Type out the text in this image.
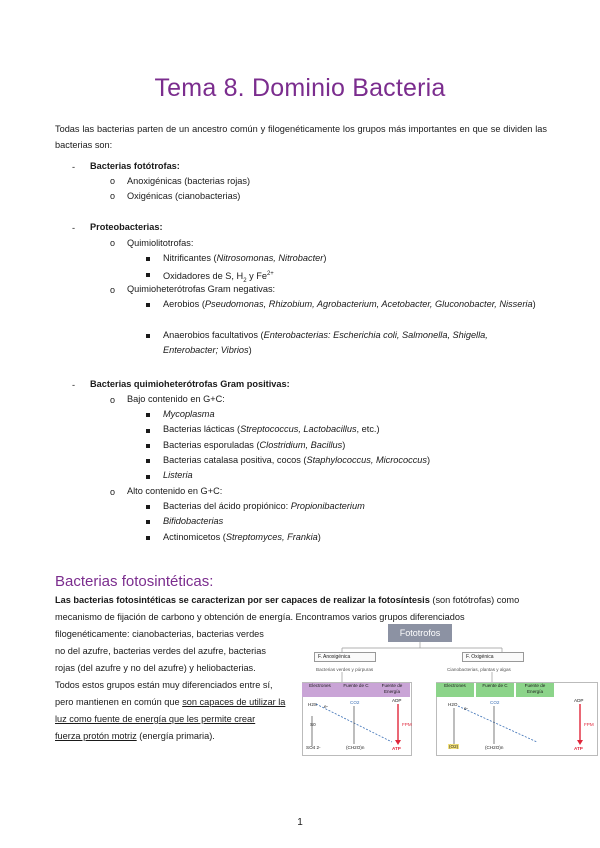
Tema 8. Dominio Bacteria
Todas las bacterias parten de un ancestro común y filogenéticamente los grupos más importantes en que se dividen las bacterias son:
- Bacterias fotótrofas:
o Anoxigénicas (bacterias rojas)
o Oxigénicas (cianobacterias)
- Proteobacterias:
o Quimiolitotrofas:
Nitrificantes (Nitrosomonas, Nitrobacter)
Oxidadores de S, $H_2$ y $Fe^{2+}$
o Quimioheterótrofas Gram negativas:
Aerobios (Pseudomonas, Rhizobium, Agrobacterium, Acetobacter, Gluconobacter, Nisseria)
Anaerobios facultativos (Enterobacterias: Escherichia coli, Salmonella, Shigella, Enterobacter; Vibrios)
- Bacterias quimioheterótrofas Gram positivas:
o Bajo contenido en G+C:
Mycoplasma
Bacterias lácticas (Streptococcus, Lactobacillus, etc.)
Bacterias esporuladas (Clostridium, Bacillus)
Bacterias catalasa positiva, cocos (Staphylococcus, Micrococcus)
Listeria
o Alto contenido en G+C:
Bacterias del ácido propiónico: Propionibacterium
Bifidobacterias
Actinomicetos (Streptomyces, Frankia)
Bacterias fotosintéticas:
Las bacterias fotosintéticas se caracterizan por ser capaces de realizar la fotosíntesis (son fotótrofas) como
mecanismo de fijación de carbono y obtención de energía. Encontramos varios grupos diferenciados
filogenéticamente: cianobacterias, bacterias verdes
no del azufre, bacterias verdes del azufre, bacterias
rojas (del azufre y no del azufre) y heliobacterias.
Todos estos grupos están muy diferenciados entre sí,
pero mantienen en común que son capaces de utilizar la
luz como fuente de energía que les permite crear
fuerza protón motriz (energía primaria).
Fototrofos
F. Anoxigénica	F. Oxigénica
Bacterias verdes y púrpuras	Cianobacterias, plantas y algas
Electrones	Fuente de C	Fuente de Energía
H2S e-
S0
SO4 2-
CO2
(CH2O)n
ADP
FPM
ATP
Electrones	Fuente de C	Fuente de Energía
H2O
e-
(O2)
CO2
(CH2O)n
ADP
FPM
ATP
1
